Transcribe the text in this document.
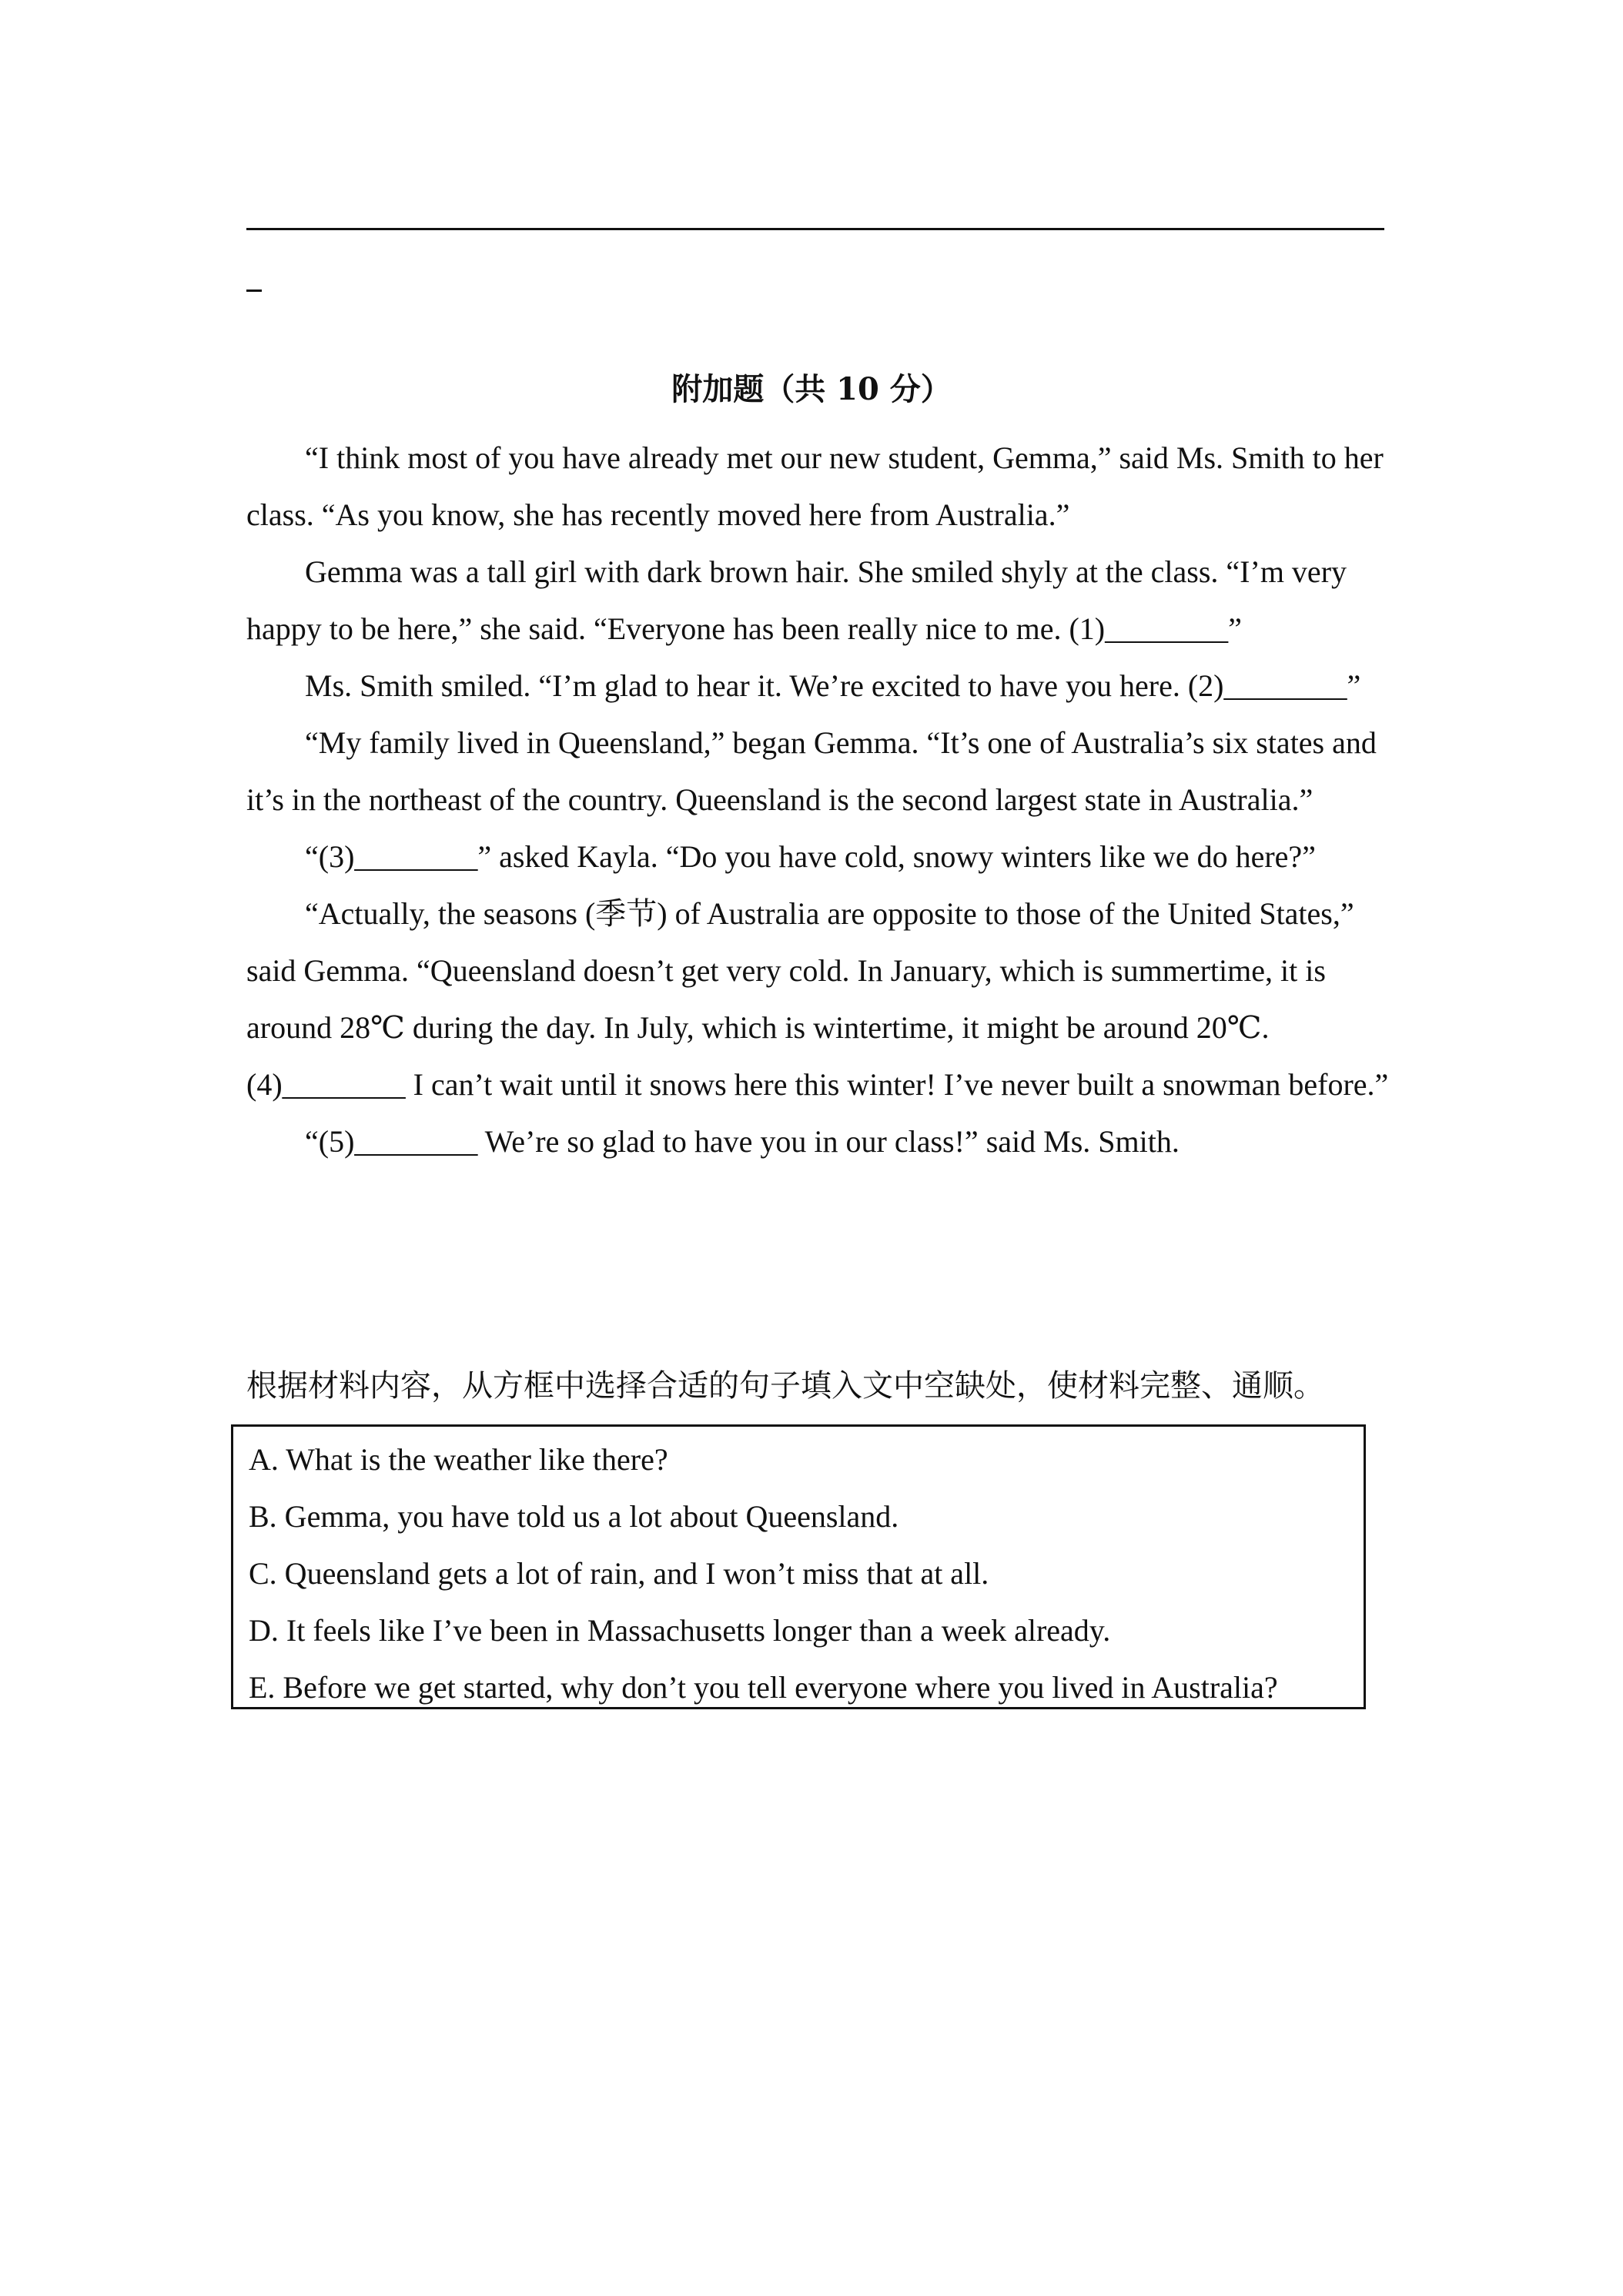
附加题（共 10 分）

“I think most of you have already met our new student, Gemma,” said Ms. Smith to her class. “As you know, she has recently moved here from Australia.”

Gemma was a tall girl with dark brown hair. She smiled shyly at the class. “I’m very happy to be here,” she said. “Everyone has been really nice to me. (1)________”

Ms. Smith smiled. “I’m glad to hear it. We’re excited to have you here. (2)________”

“My family lived in Queensland,” began Gemma. “It’s one of Australia’s six states and it’s in the northeast of the country. Queensland is the second largest state in Australia.”

“(3)________” asked Kayla. “Do you have cold, snowy winters like we do here?”

“Actually, the seasons (季节) of Australia are opposite to those of the United States,” said Gemma. “Queensland doesn’t get very cold. In January, which is summertime, it is around 28℃ during the day. In July, which is wintertime, it might be around 20℃. (4)________ I can’t wait until it snows here this winter! I’ve never built a snowman before.”

“(5)________ We’re so glad to have you in our class!” said Ms. Smith.

根据材料内容，从方框中选择合适的句子填入文中空缺处，使材料完整、通顺。
A. What is the weather like there?
B. Gemma, you have told us a lot about Queensland.
C. Queensland gets a lot of rain, and I won’t miss that at all.
D. It feels like I’ve been in Massachusetts longer than a week already.
E. Before we get started, why don’t you tell everyone where you lived in Australia?
